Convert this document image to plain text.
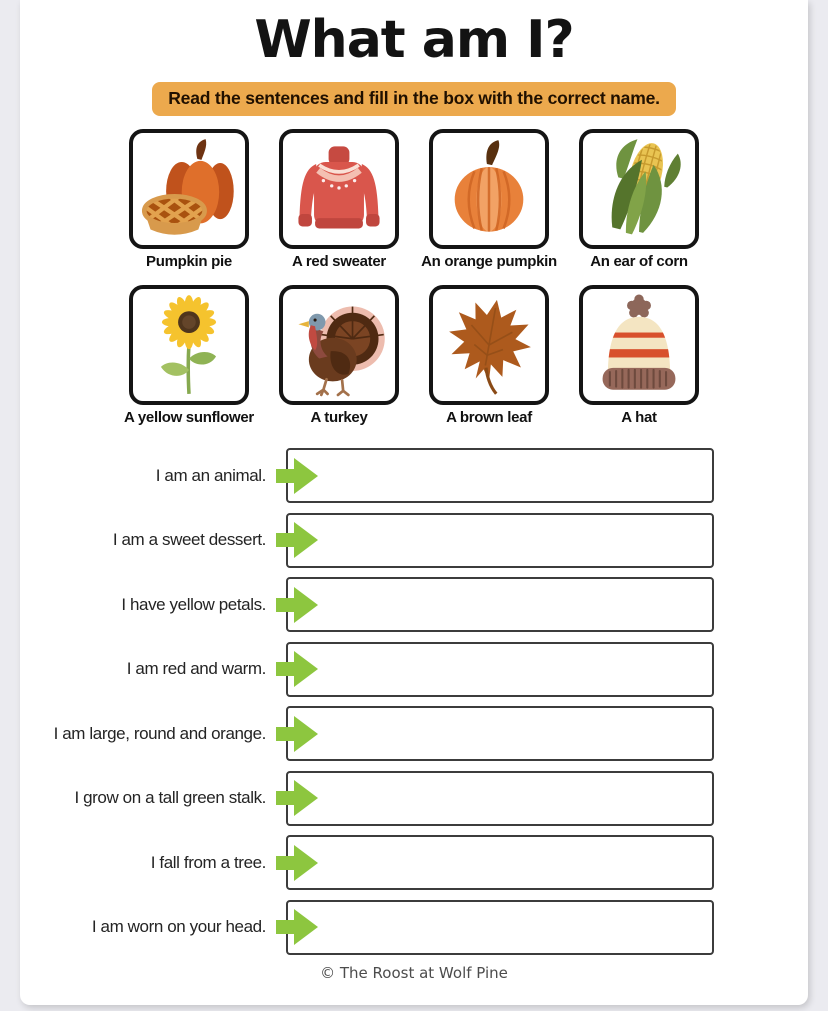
What am I?
Read the sentences and fill in the box with the correct name.
Pumpkin pie	A red sweater An orange pumpkin An ear of corn
A yellow sunflower	A turkey	A brown leaf	A hat
I am an animal.
I am a sweet dessert.
I have yellow petals.
I am red and warm.
I am large, round and orange.
I grow on a tall green stalk.
I fall from a tree.
I am worn on your head.
© The Roost at Wolf Pine
